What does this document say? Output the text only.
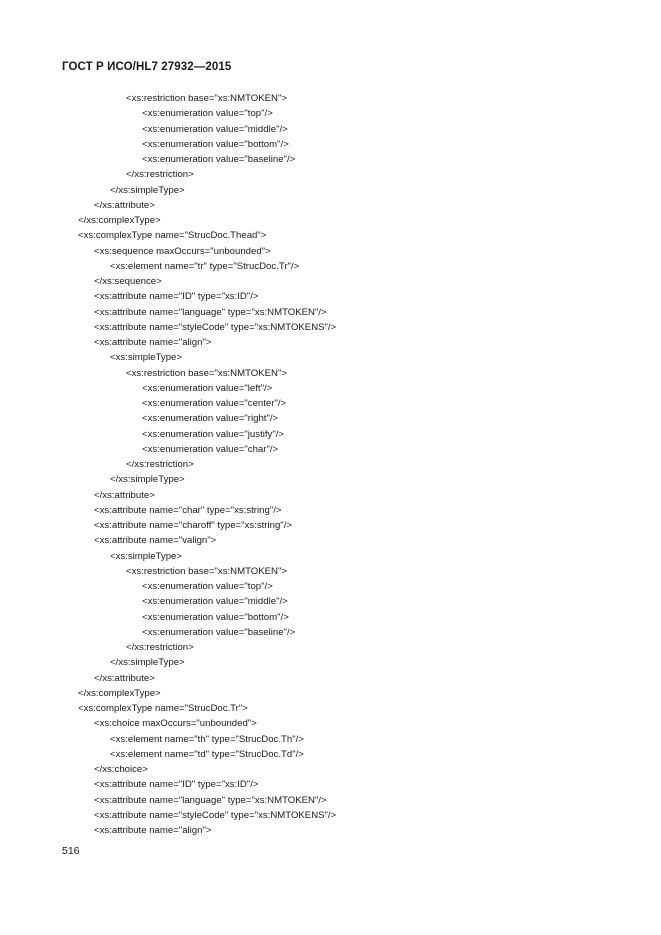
ГОСТ Р ИСО/HL7 27932—2015
<xs:restriction base="xs:NMTOKEN">
<xs:enumeration value="top"/>
<xs:enumeration value="middle"/>
<xs:enumeration value="bottom"/>
<xs:enumeration value="baseline"/>
</xs:restriction>
</xs:simpleType>
</xs:attribute>
</xs:complexType>
<xs:complexType name="StrucDoc.Thead">
<xs:sequence maxOccurs="unbounded">
<xs:element name="tr" type="StrucDoc.Tr"/>
</xs:sequence>
<xs:attribute name="ID" type="xs:ID"/>
<xs:attribute name="language" type="xs:NMTOKEN"/>
<xs:attribute name="styleCode" type="xs:NMTOKENS"/>
<xs:attribute name="align">
<xs:simpleType>
<xs:restriction base="xs:NMTOKEN">
<xs:enumeration value="left"/>
<xs:enumeration value="center"/>
<xs:enumeration value="right"/>
<xs:enumeration value="justify"/>
<xs:enumeration value="char"/>
</xs:restriction>
</xs:simpleType>
</xs:attribute>
<xs:attribute name="char" type="xs:string"/>
<xs:attribute name="charoff" type="xs:string"/>
<xs:attribute name="valign">
<xs:simpleType>
<xs:restriction base="xs:NMTOKEN">
<xs:enumeration value="top"/>
<xs:enumeration value="middle"/>
<xs:enumeration value="bottom"/>
<xs:enumeration value="baseline"/>
</xs:restriction>
</xs:simpleType>
</xs:attribute>
</xs:complexType>
<xs:complexType name="StrucDoc.Tr">
<xs:choice maxOccurs="unbounded">
<xs:element name="th" type="StrucDoc.Th"/>
<xs:element name="td" type="StrucDoc.Td"/>
</xs:choice>
<xs:attribute name="ID" type="xs:ID"/>
<xs:attribute name="language" type="xs:NMTOKEN"/>
<xs:attribute name="styleCode" type="xs:NMTOKENS"/>
<xs:attribute name="align">
516
